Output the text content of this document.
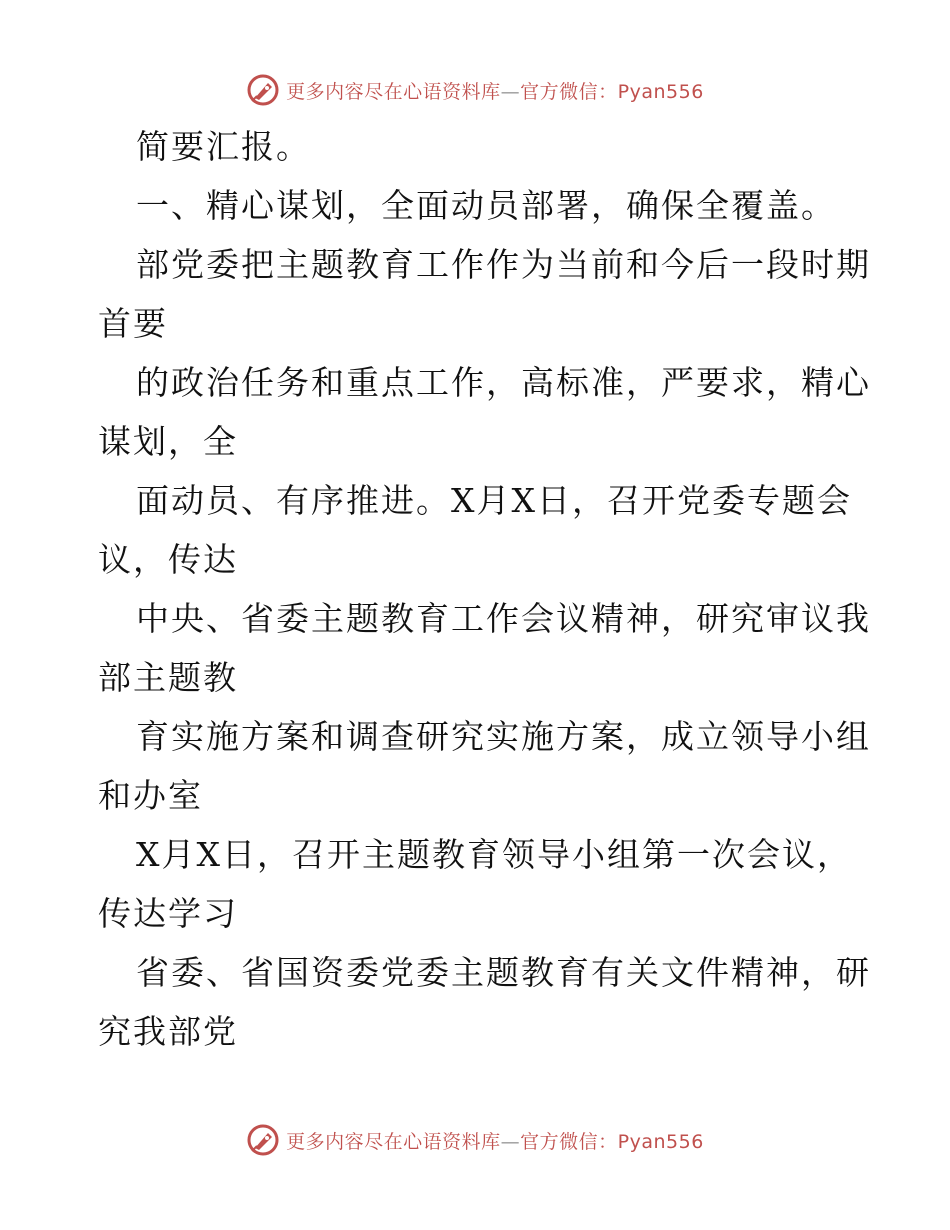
更多内容尽在心语资料库—官方微信：Pyan556
简要汇报。
一、精心谋划，全面动员部署，确保全覆盖。
部党委把主题教育工作作为当前和今后一段时期
首要
的政治任务和重点工作，高标准，严要求，精心
谋划，全
面动员、有序推进。X月X日，召开党委专题会
议，传达
中央、省委主题教育工作会议精神，研究审议我
部主题教
育实施方案和调查研究实施方案，成立领导小组
和办室
X月X日，召开主题教育领导小组第一次会议，
传达学习
省委、省国资委党委主题教育有关文件精神，研
究我部党
更多内容尽在心语资料库—官方微信：Pyan556
